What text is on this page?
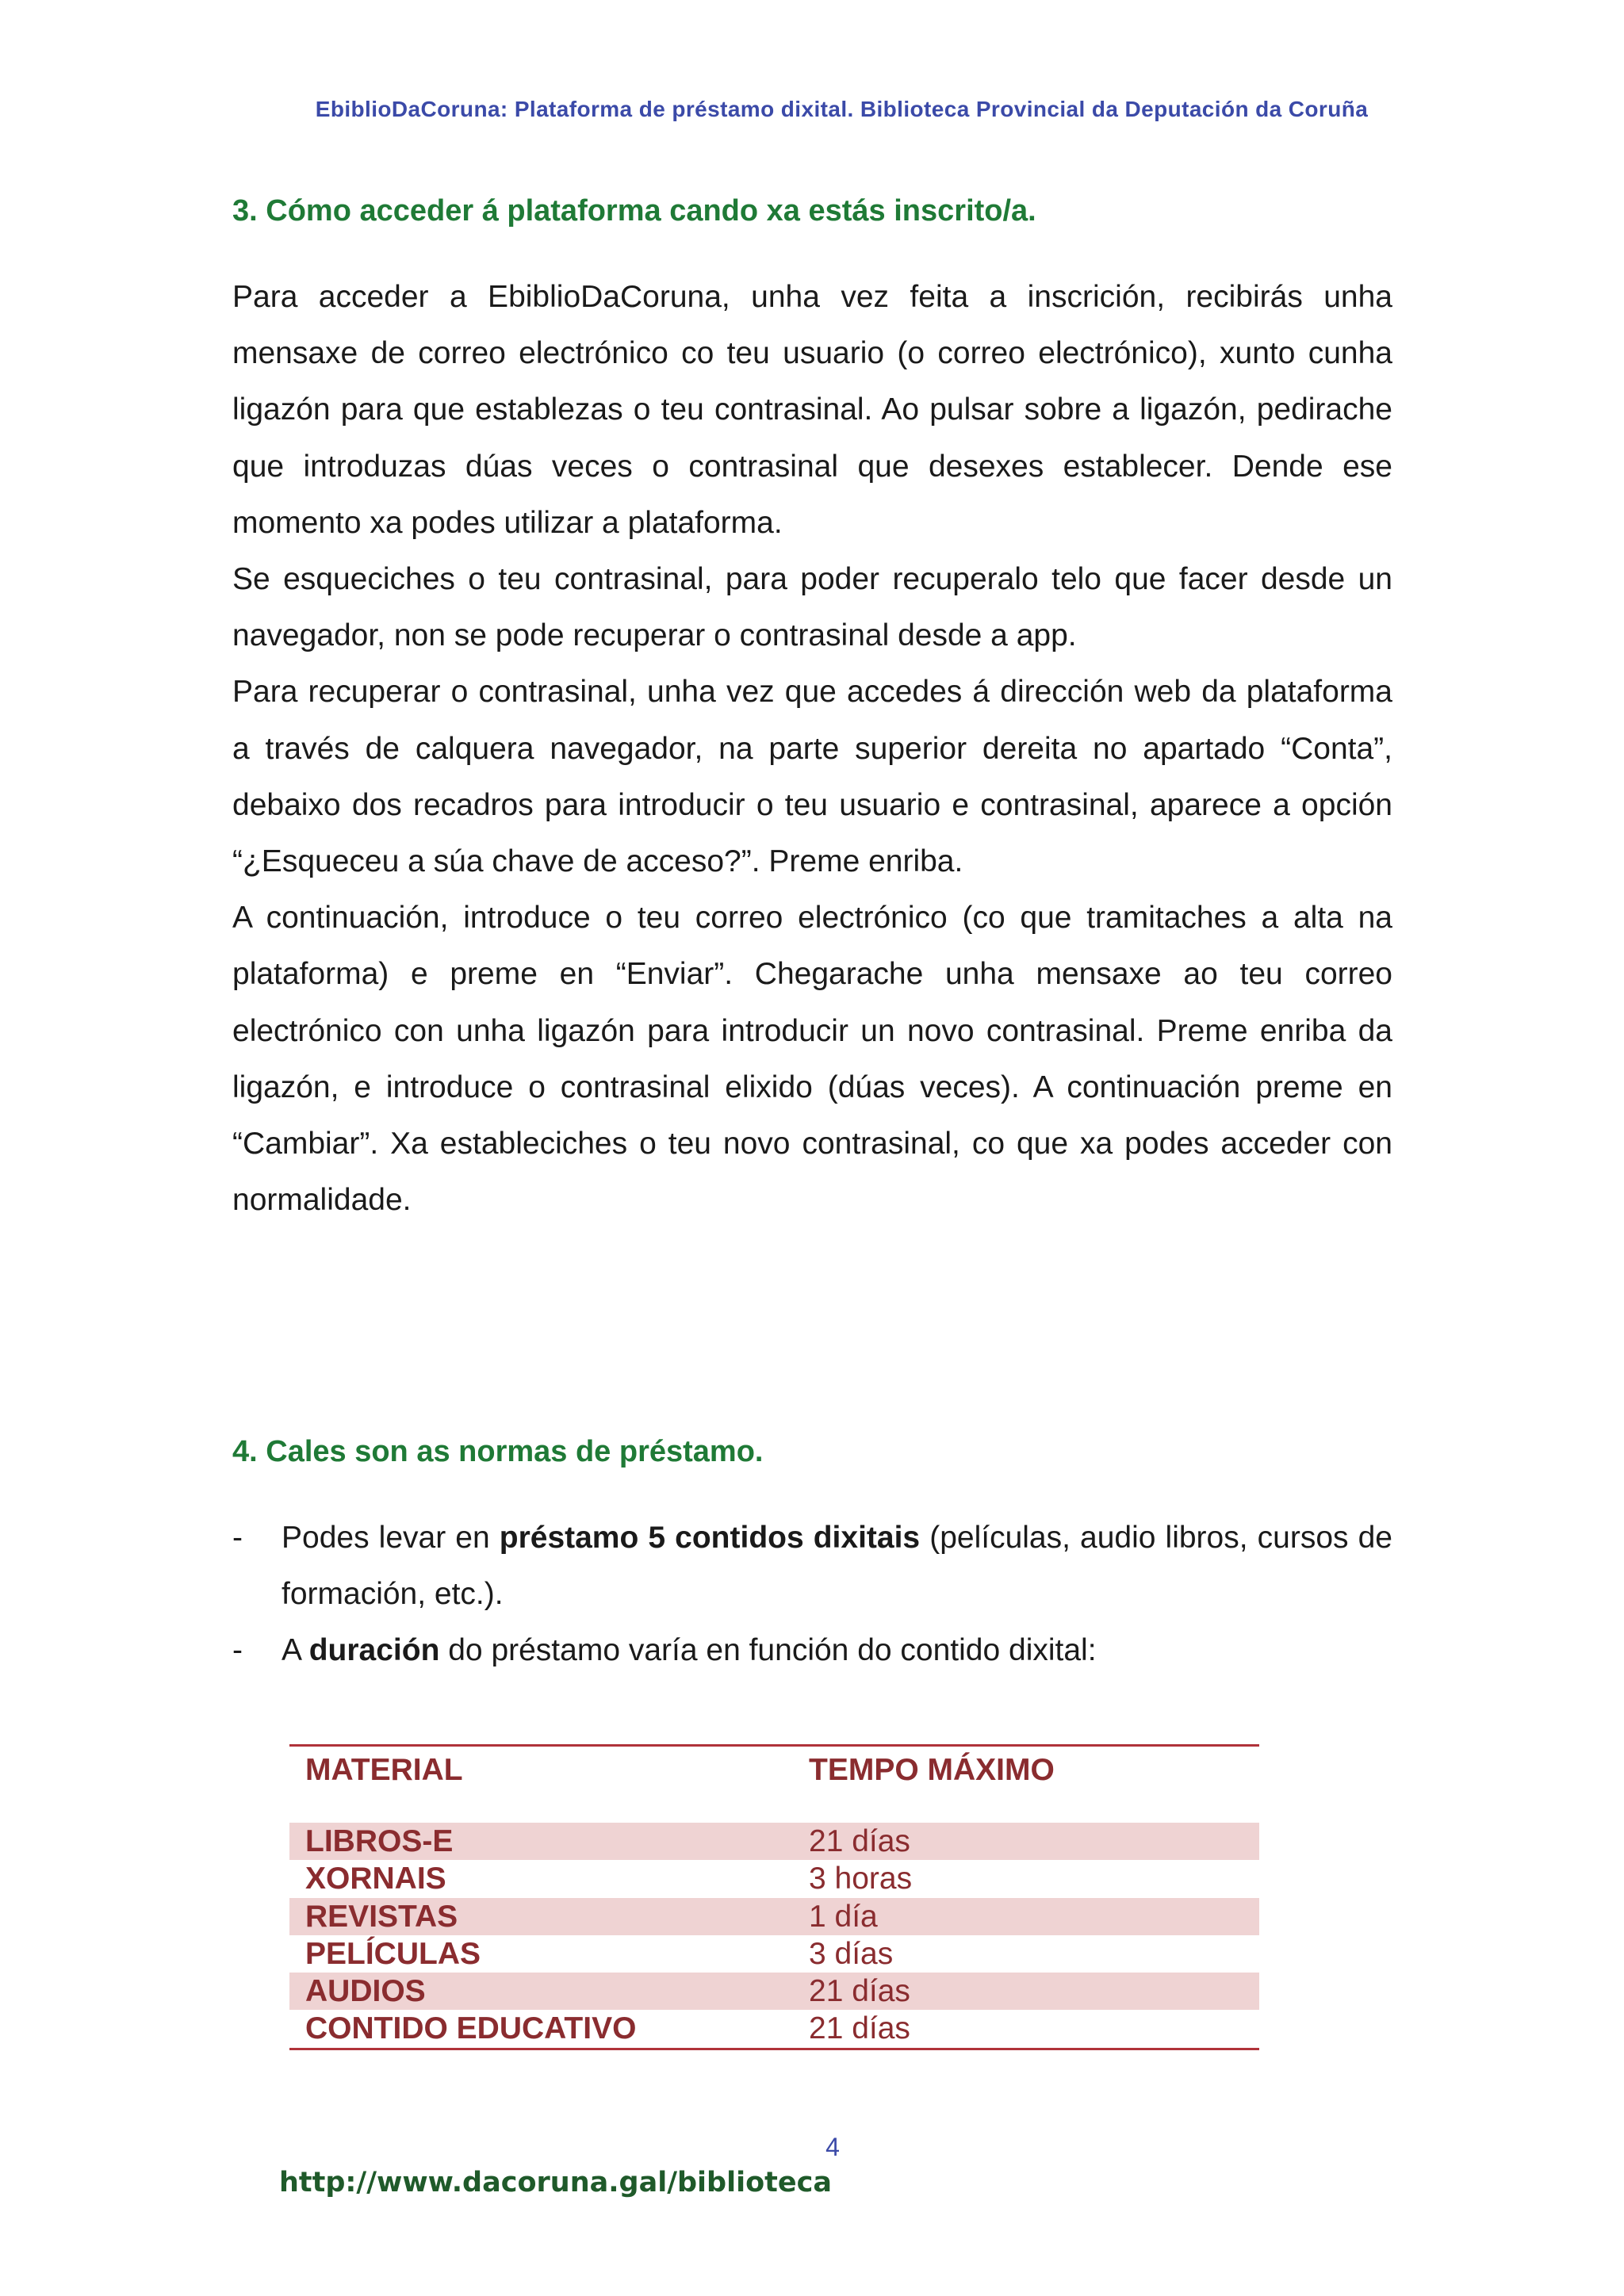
EbiblioDaCoruna: Plataforma de préstamo dixital. Biblioteca Provincial da Deputación da Coruña
3. Cómo acceder á plataforma cando xa estás inscrito/a.

Para acceder a EbiblioDaCoruna, unha vez feita a inscrición, recibirás unha mensaxe de correo electrónico co teu usuario (o correo electrónico), xunto cunha ligazón para que establezas o teu contrasinal. Ao pulsar sobre a ligazón, pedirache que introduzas dúas veces o contrasinal que desexes establecer. Dende ese momento xa podes utilizar a plataforma.

Se esqueciches o teu contrasinal, para poder recuperalo telo que facer desde un navegador, non se pode recuperar o contrasinal desde a app.

Para recuperar o contrasinal, unha vez que accedes á dirección web da plataforma a través de calquera navegador, na parte superior dereita no apartado “Conta”, debaixo dos recadros para introducir o teu usuario e contrasinal, aparece a opción “¿Esqueceu a súa chave de acceso?”. Preme enriba.

A continuación, introduce o teu correo electrónico (co que tramitaches a alta na plataforma) e preme en “Enviar”. Chegarache unha mensaxe ao teu correo electrónico con unha ligazón para introducir un novo contrasinal. Preme enriba da ligazón, e introduce o contrasinal elixido (dúas veces). A continuación preme en “Cambiar”. Xa estableciches o teu novo contrasinal, co que xa podes acceder con normalidade.

4. Cales son as normas de préstamo.
- Podes levar en préstamo 5 contidos dixitais (películas, audio libros, cursos de formación, etc.).
- A duración do préstamo varía en función do contido dixital:
MATERIAL	TEMPO MÁXIMO
LIBROS-E	21 días
XORNAIS	3 horas
REVISTAS	1 día
PELÍCULAS	3 días
AUDIOS	21 días
CONTIDO EDUCATIVO	21 días
4
http://www.dacoruna.gal/biblioteca
